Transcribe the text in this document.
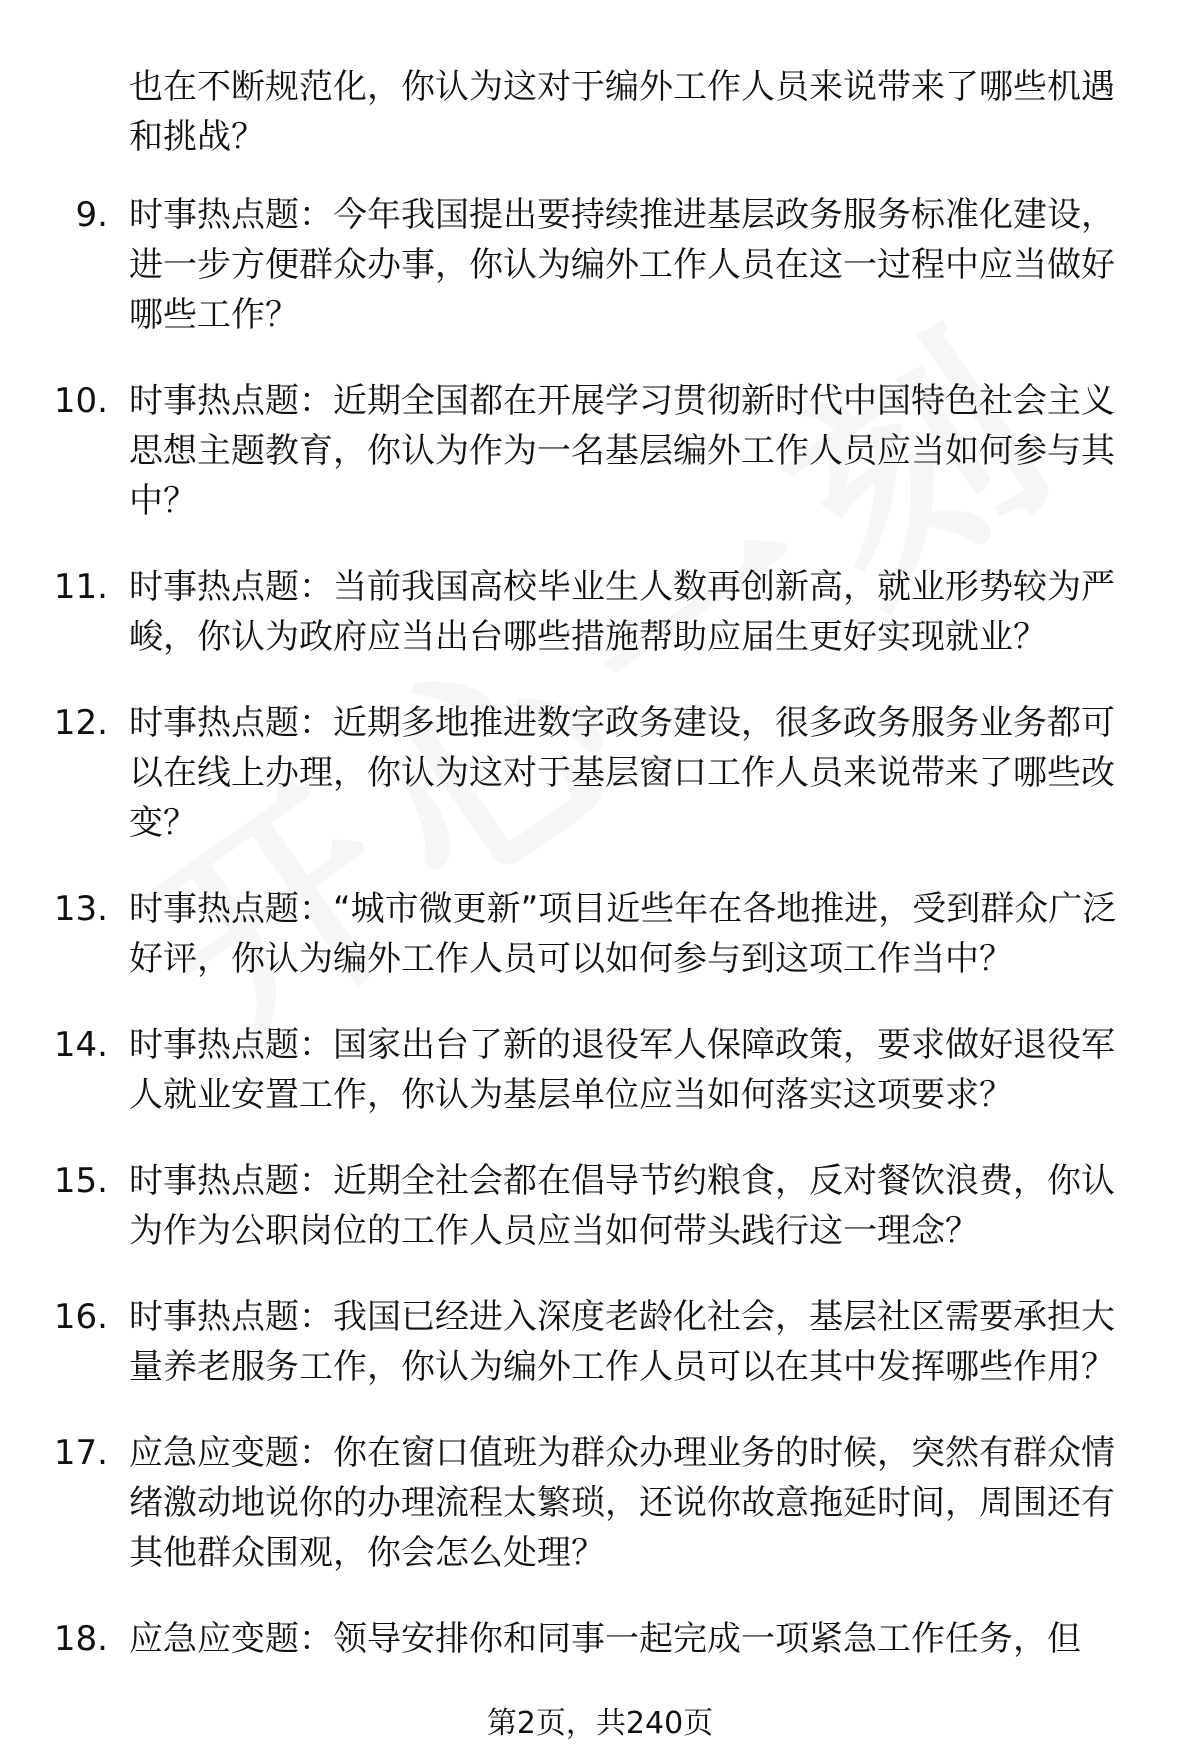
也在不断规范化，你认为这对于编外工作人员来说带来了哪些机遇和挑战？
9. 时事热点题：今年我国提出要持续推进基层政务服务标准化建设，进一步方便群众办事，你认为编外工作人员在这一过程中应当做好哪些工作？
10. 时事热点题：近期全国都在开展学习贯彻新时代中国特色社会主义思想主题教育，你认为作为一名基层编外工作人员应当如何参与其中？
11. 时事热点题：当前我国高校毕业生人数再创新高，就业形势较为严峻，你认为政府应当出台哪些措施帮助应届生更好实现就业？
12. 时事热点题：近期多地推进数字政务建设，很多政务服务业务都可以在线上办理，你认为这对于基层窗口工作人员来说带来了哪些改变？
13. 时事热点题：“城市微更新”项目近些年在各地推进，受到群众广泛好评，你认为编外工作人员可以如何参与到这项工作当中？
14. 时事热点题：国家出台了新的退役军人保障政策，要求做好退役军人就业安置工作，你认为基层单位应当如何落实这项要求？
15. 时事热点题：近期全社会都在倡导节约粮食，反对餐饮浪费，你认为作为公职岗位的工作人员应当如何带头践行这一理念？
16. 时事热点题：我国已经进入深度老龄化社会，基层社区需要承担大量养老服务工作，你认为编外工作人员可以在其中发挥哪些作用？
17. 应急应变题：你在窗口值班为群众办理业务的时候，突然有群众情绪激动地说你的办理流程太繁琐，还说你故意拖延时间，周围还有其他群众围观，你会怎么处理？
18. 应急应变题：领导安排你和同事一起完成一项紧急工作任务，但
第2页，共240页
